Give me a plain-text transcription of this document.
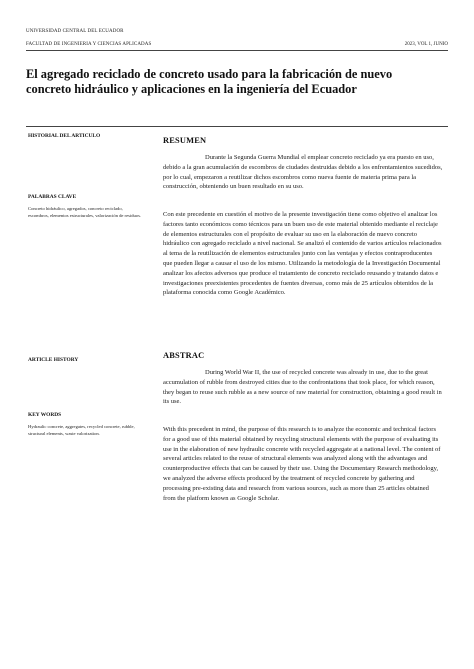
UNIVERSIDAD CENTRAL DEL ECUADOR
FACULTAD DE INGENIERIA Y CIENCIAS APLICADAS	2023, VOL 1, JUNIO
El agregado reciclado de concreto usado para la fabricación de nuevo concreto hidráulico y aplicaciones en la ingeniería del Ecuador
HISTORIAL DEL ARTICULO
PALABRAS CLAVE
Concreto hidráulico, agregados, concreto reciclado, escombros, elementos estructurales, valorización de residuos.
ARTICLE HISTORY
KEY WORDS
Hydraulic concrete, aggregates, recycled concrete, rubble, structural elements, waste valorization.
RESUMEN

Durante la Segunda Guerra Mundial el emplear concreto reciclado ya era puesto en uso, debido a la gran acumulación de escombros de ciudades destruidas debido a los enfrentamientos sucedidos, por lo cual, empezaron a reutilizar dichos escombros como nueva fuente de materia prima para la construcción, obteniendo un buen resultado en su uso.

Con este precedente en cuestión el motivo de la presente investigación tiene como objetivo el analizar los factores tanto económicos como técnicos para un buen uso de este material obtenido mediante el reciclaje de elementos estructurales con el propósito de evaluar su uso en la elaboración de nuevo concreto hidráulico con agregado reciclado a nivel nacional. Se analizó el contenido de varios artículos relacionados al tema de la reutilización de elementos estructurales junto con las ventajas y efectos contraproducentes que pueden llegar a causar el uso de los mismo. Utilizando la metodología de la Investigación Documental analizar los afectos adversos que produce el tratamiento de concreto reciclado reusando y tratando datos e investigaciones preexistentes procedentes de fuentes diversas, como más de 25 artículos obtenidos de la plataforma conocida como Google Académico.

ABSTRAC

During World War II, the use of recycled concrete was already in use, due to the great accumulation of rubble from destroyed cities due to the confrontations that took place, for which reason, they began to reuse such rubble as a new source of raw material for construction, obtaining a good result in its use.

With this precedent in mind, the purpose of this research is to analyze the economic and technical factors for a good use of this material obtained by recycling structural elements with the purpose of evaluating its use in the elaboration of new hydraulic concrete with recycled aggregate at a national level. The content of several articles related to the reuse of structural elements was analyzed along with the advantages and counterproductive effects that can be caused by their use. Using the Documentary Research methodology, we analyzed the adverse effects produced by the treatment of recycled concrete by gathering and processing pre-existing data and research from various sources, such as more than 25 articles obtained from the platform known as Google Scholar.
